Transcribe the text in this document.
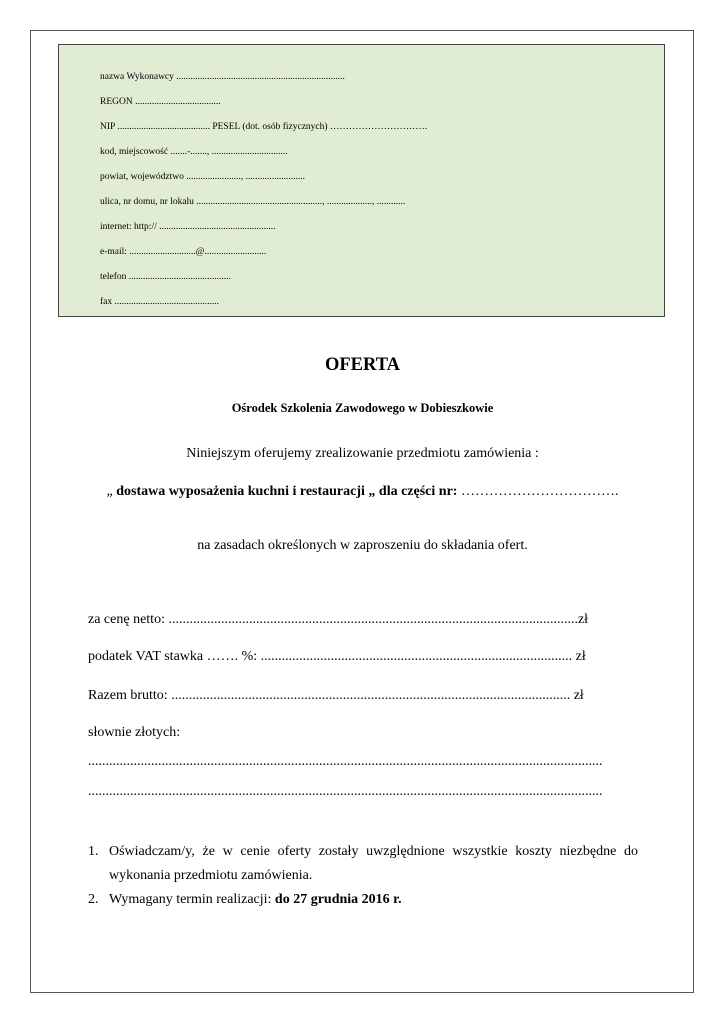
nazwa Wykonawcy .......................................................................
REGON ....................................
NIP ....................................... PESEL (dot. osób fizycznych) ………………………….
kod, miejscowość .......-......., ................................
powiat, województwo ......................., .........................
ulica, nr domu, nr lokalu ....................................................., ..................., ............
internet: http:// .................................................
e-mail: ............................@..........................
telefon ...........................................
fax ............................................
OFERTA
Ośrodek Szkolenia Zawodowego w Dobieszkowie
Niniejszym oferujemy zrealizowanie przedmiotu zamówienia :
„ dostawa wyposażenia kuchni i restauracji „ dla części nr: …………………………….
na zasadach określonych w zaproszeniu do składania ofert.
za cenę netto: .....................................................................................................................zł
podatek VAT stawka ……. %: ......................................................................................... zł
Razem brutto: .................................................................................................................. zł
słownie złotych:
...................................................................................................................................................
...................................................................................................................................................
1. Oświadczam/y, że w cenie oferty zostały uwzględnione wszystkie koszty niezbędne do wykonania przedmiotu zamówienia.
2. Wymagany termin realizacji: do 27 grudnia 2016 r.
